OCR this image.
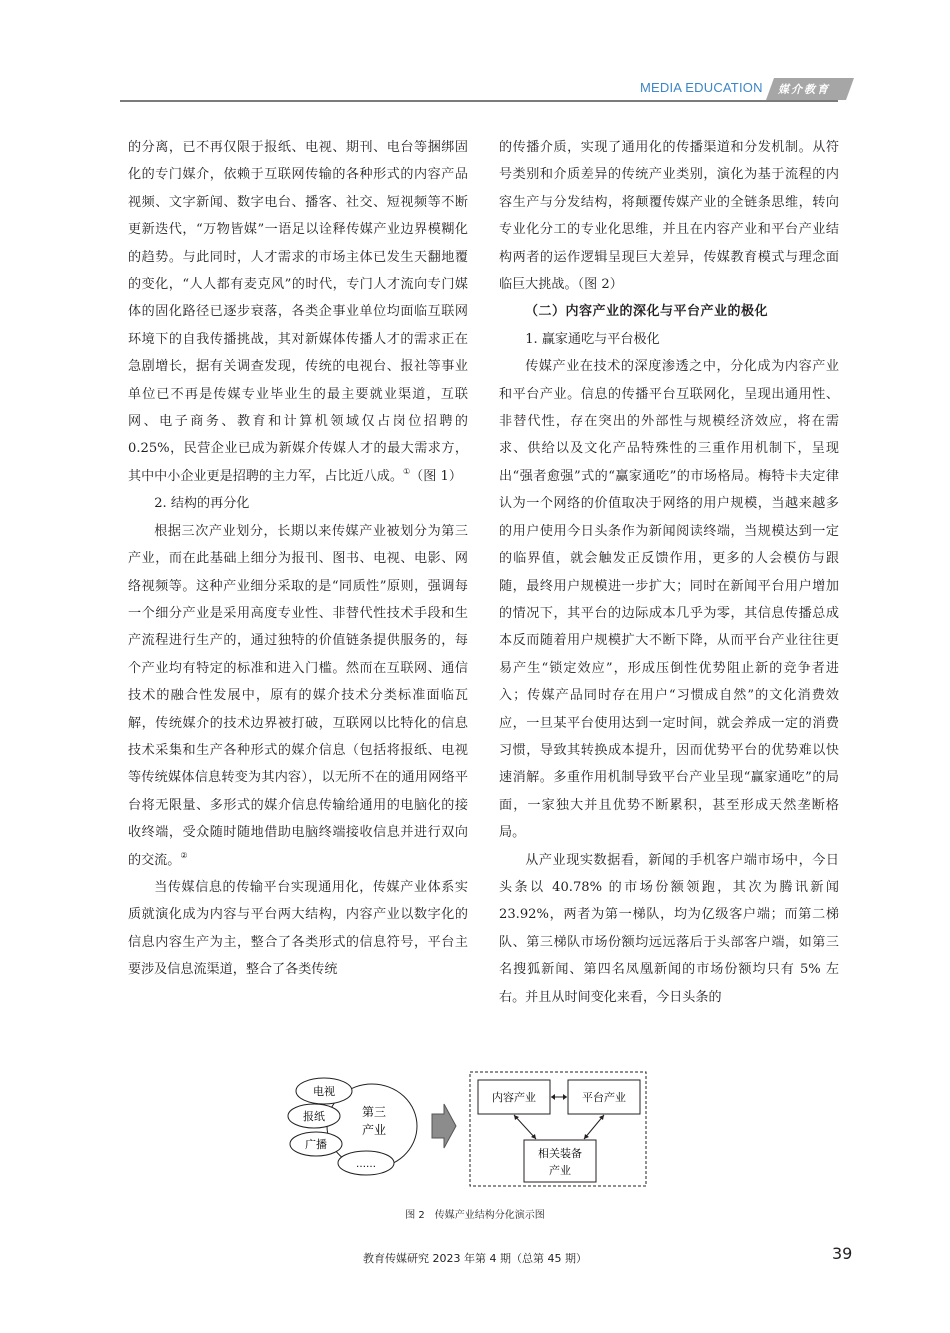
MEDIA EDUCATION 媒介教育

的分离，已不再仅限于报纸、电视、期刊、电台等捆绑固化的专门媒介，依赖于互联网传输的各种形式的内容产品视频、文字新闻、数字电台、播客、社交、短视频等不断更新迭代，“万物皆媒”一语足以诠释传媒产业边界模糊化的趋势。与此同时，人才需求的市场主体已发生天翻地覆的变化，“人人都有麦克风”的时代，专门人才流向专门媒体的固化路径已逐步衰落，各类企事业单位均面临互联网环境下的自我传播挑战，其对新媒体传播人才的需求正在急剧增长，据有关调查发现，传统的电视台、报社等事业单位已不再是传媒专业毕业生的最主要就业渠道，互联网、电子商务、教育和计算机领域仅占岗位招聘的 0.25%，民营企业已成为新媒介传媒人才的最大需求方，其中中小企业更是招聘的主力军，占比近八成。①（图 1）

2. 结构的再分化

根据三次产业划分，长期以来传媒产业被划分为第三产业，而在此基础上细分为报刊、图书、电视、电影、网络视频等。这种产业细分采取的是“同质性”原则，强调每一个细分产业是采用高度专业性、非替代性技术手段和生产流程进行生产的，通过独特的价值链条提供服务的，每个产业均有特定的标准和进入门槛。然而在互联网、通信技术的融合性发展中，原有的媒介技术分类标准面临瓦解，传统媒介的技术边界被打破，互联网以比特化的信息技术采集和生产各种形式的媒介信息（包括将报纸、电视等传统媒体信息转变为其内容），以无所不在的通用网络平台将无限量、多形式的媒介信息传输给通用的电脑化的接收终端，受众随时随地借助电脑终端接收信息并进行双向的交流。②

当传媒信息的传输平台实现通用化，传媒产业体系实质就演化成为内容与平台两大结构，内容产业以数字化的信息内容生产为主，整合了各类形式的信息符号，平台主要涉及信息流渠道，整合了各类传统

的传播介质，实现了通用化的传播渠道和分发机制。从符号类别和介质差异的传统产业类别，演化为基于流程的内容生产与分发结构，将颠覆传媒产业的全链条思维，转向专业化分工的专业化思维，并且在内容产业和平台产业结构两者的运作逻辑呈现巨大差异，传媒教育模式与理念面临巨大挑战。（图 2）

（二）内容产业的深化与平台产业的极化

1. 赢家通吃与平台极化

传媒产业在技术的深度渗透之中，分化成为内容产业和平台产业。信息的传播平台互联网化，呈现出通用性、非替代性，存在突出的外部性与规模经济效应，将在需求、供给以及文化产品特殊性的三重作用机制下，呈现出“强者愈强”式的“赢家通吃”的市场格局。梅特卡夫定律认为一个网络的价值取决于网络的用户规模，当越来越多的用户使用今日头条作为新闻阅读终端，当规模达到一定的临界值，就会触发正反馈作用，更多的人会模仿与跟随，最终用户规模进一步扩大；同时在新闻平台用户增加的情况下，其平台的边际成本几乎为零，其信息传播总成本反而随着用户规模扩大不断下降，从而平台产业往往更易产生“锁定效应”，形成压倒性优势阻止新的竞争者进入；传媒产品同时存在用户“习惯成自然”的文化消费效应，一旦某平台使用达到一定时间，就会养成一定的消费习惯，导致其转换成本提升，因而优势平台的优势难以快速消解。多重作用机制导致平台产业呈现“赢家通吃”的局面，一家独大并且优势不断累积，甚至形成天然垄断格局。

从产业现实数据看，新闻的手机客户端市场中，今日头条以 40.78% 的市场份额领跑，其次为腾讯新闻 23.92%，两者为第一梯队，均为亿级客户端；而第二梯队、第三梯队市场份额均远远落后于头部客户端，如第三名搜狐新闻、第四名凤凰新闻的市场份额均只有 5% 左右。并且从时间变化来看，今日头条的

第三
产业
电视
报纸
广播
……
内容产业	平台产业
相关装备
产业
图 2　传媒产业结构分化演示图
教育传媒研究 2023 年第 4 期（总第 45 期）	39
